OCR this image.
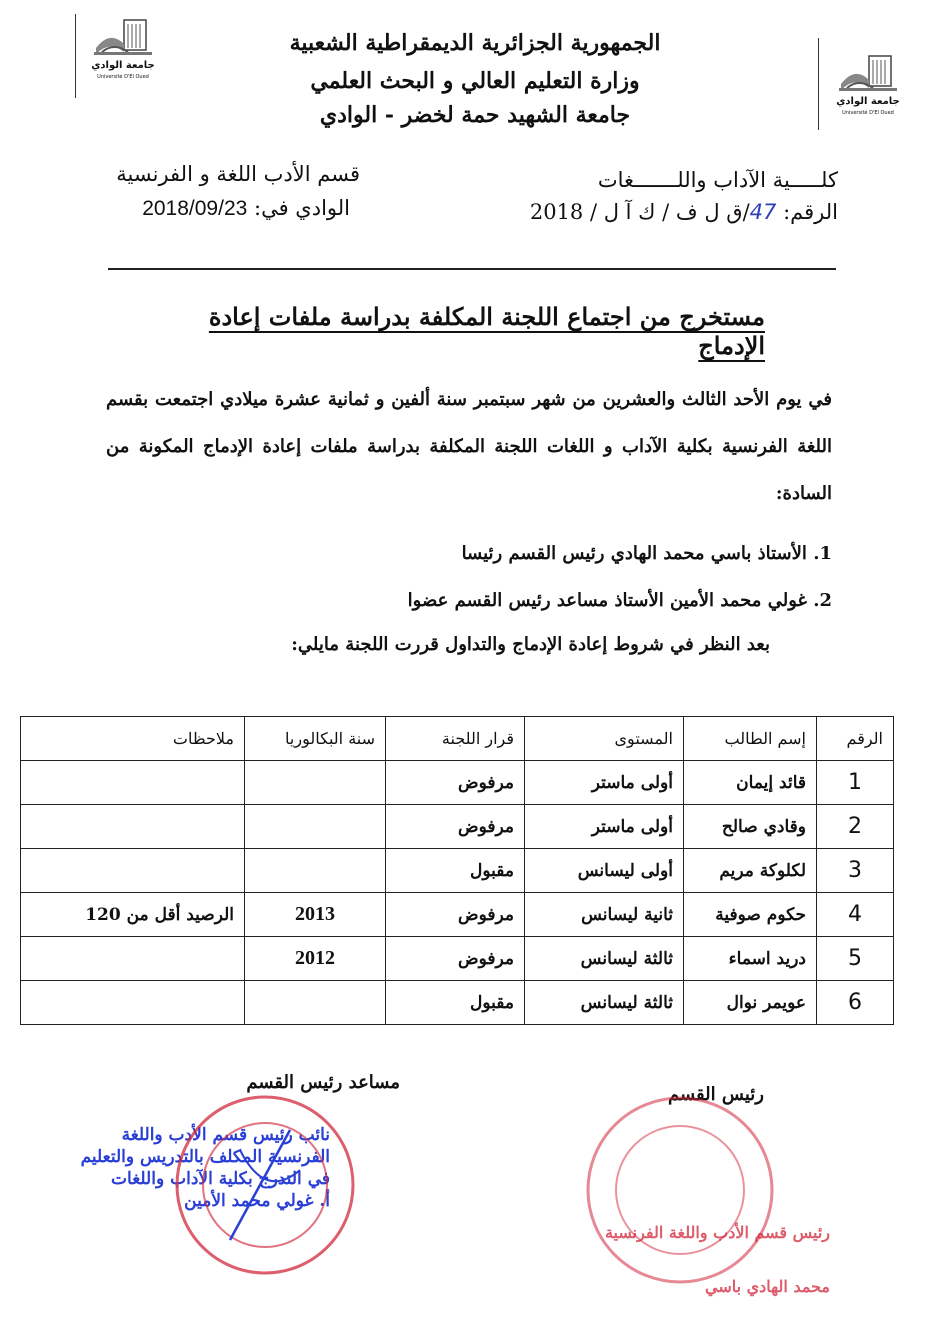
جامعة الوادي
Université D'El Oued
جامعة الوادي
Université D'El Oued
الجمهورية الجزائرية الديمقراطية الشعبية
وزارة التعليم العالي و البحث العلمي
جامعة الشهيد حمة لخضر - الوادي
كلـــــية الآداب واللـــــــغات
قسم الأدب اللغة و الفرنسية
الرقم: 47/ق ل ف / ك آ ل / 2018
الوادي في: 2018/09/23
مستخرج من اجتماع اللجنة المكلفة بدراسة ملفات إعادة الإدماج
في يوم الأحد الثالث والعشرين من شهر سبتمبر سنة ألفين و ثمانية عشرة ميلادي اجتمعت بقسم اللغة الفرنسية بكلية الآداب و اللغات اللجنة المكلفة بدراسة ملفات إعادة الإدماج المكونة من السادة:
1. الأستاذ باسي محمد الهادي رئيس القسم رئيسا
2. غولي محمد الأمين الأستاذ مساعد رئيس القسم عضوا
بعد النظر في شروط إعادة الإدماج والتداول قررت اللجنة مايلي:
الرقم	إسم الطالب	المستوى	قرار اللجنة	سنة البكالوريا	ملاحظات
1	قائد إيمان	أولى ماستر	مرفوض		
2	وقادي صالح	أولى ماستر	مرفوض		
3	لكلوكة مريم	أولى ليسانس	مقبول		
4	حكوم صوفية	ثانية ليسانس	مرفوض	2013	الرصيد أقل من 120
5	دريد اسماء	ثالثة ليسانس	مرفوض	2012	
6	عويمر نوال	ثالثة ليسانس	مقبول		
رئيس القسم
مساعد رئيس القسم
نائب رئيس قسم الأدب واللغة
الفرنسية المكلف بالتدريس والتعليم
في التدرج بكلية الآداب واللغات
أ. غولي محمد الأمين
رئيس قسم الأدب واللغة الفرنسية
محمد الهادي باسي
